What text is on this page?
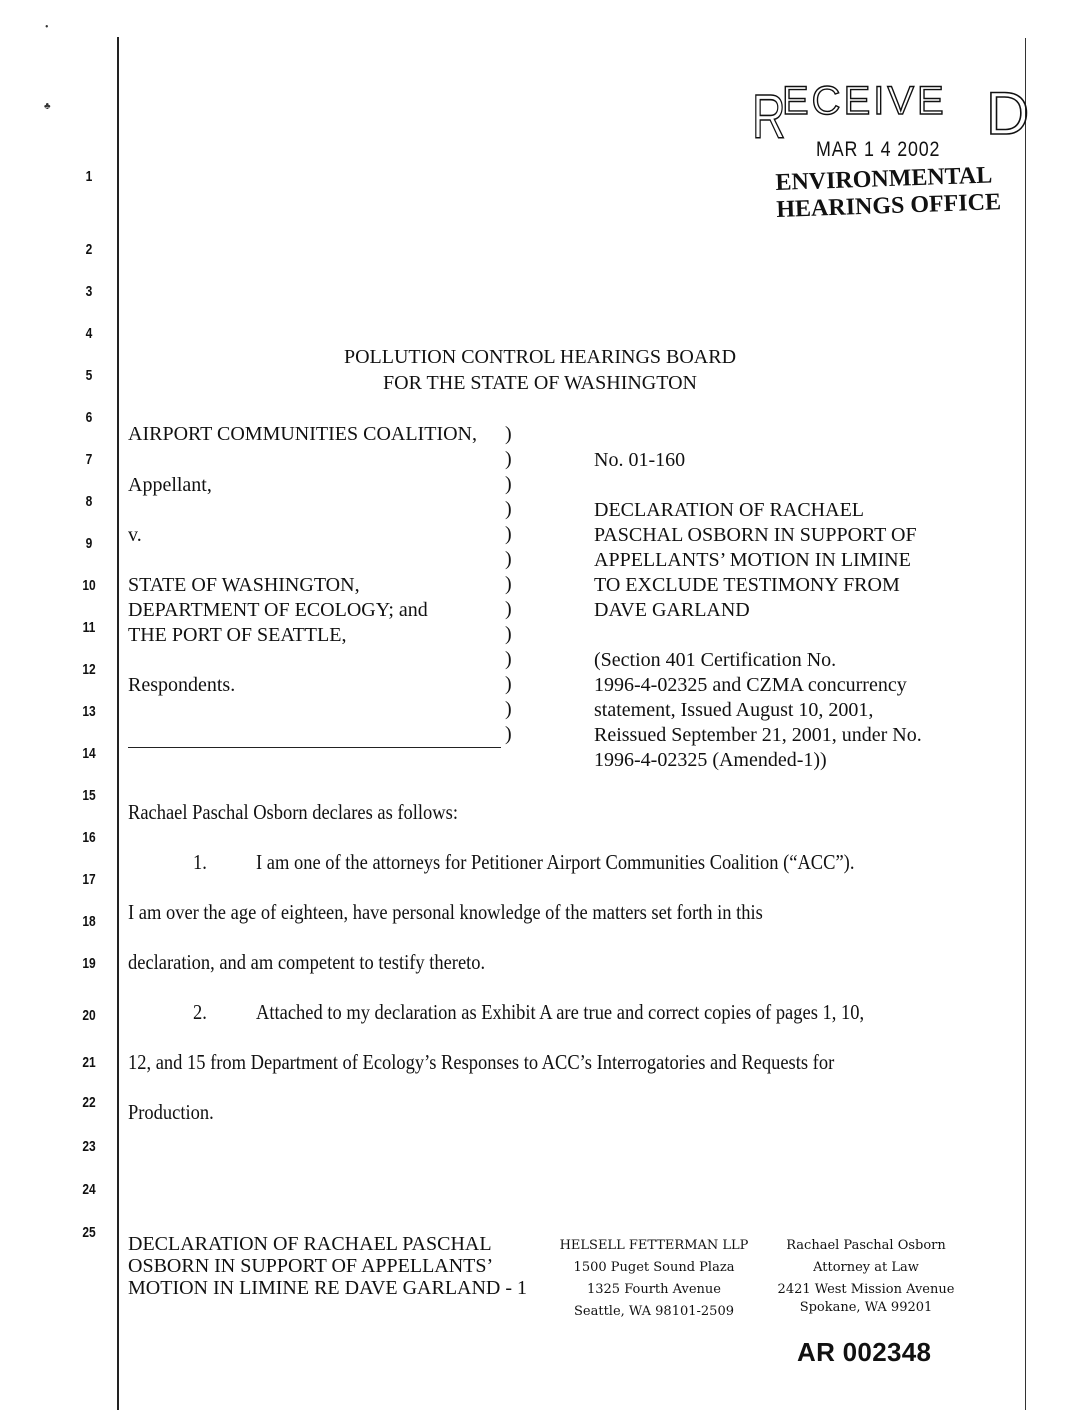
•
♣
1
2
3
4
5
6
7
8
9
10
11
12
13
14
15
16
17
18
19
20
21
22
23
24
25
R
ECEIVE D
MAR 1 4 2002
ENVIRONMENTAL
HEARINGS OFFICE
POLLUTION CONTROL HEARINGS BOARD
FOR THE STATE OF WASHINGTON
AIRPORT COMMUNITIES COALITION,
Appellant,
v.
STATE OF WASHINGTON,
DEPARTMENT OF ECOLOGY; and
THE PORT OF SEATTLE,
Respondents.
)
)
)
)
)
)
)
)
)
)
)
)
)
No. 01-160
DECLARATION OF RACHAEL
PASCHAL OSBORN IN SUPPORT OF
APPELLANTS’ MOTION IN LIMINE
TO EXCLUDE TESTIMONY FROM
DAVE GARLAND
(Section 401 Certification No.
1996-4-02325 and CZMA concurrency
statement, Issued August 10, 2001,
Reissued September 21, 2001, under No.
1996-4-02325 (Amended-1))
Rachael Paschal Osborn declares as follows:
1. I am one of the attorneys for Petitioner Airport Communities Coalition (“ACC”).
I am over the age of eighteen, have personal knowledge of the matters set forth in this
declaration, and am competent to testify thereto.
2. Attached to my declaration as Exhibit A are true and correct copies of pages 1, 10,
12, and 15 from Department of Ecology’s Responses to ACC’s Interrogatories and Requests for
Production.
DECLARATION OF RACHAEL PASCHAL
OSBORN IN SUPPORT OF APPELLANTS’
MOTION IN LIMINE RE DAVE GARLAND - 1
HELSELL FETTERMAN LLP
1500 Puget Sound Plaza
1325 Fourth Avenue
Seattle, WA 98101-2509
Rachael Paschal Osborn
Attorney at Law
2421 West Mission Avenue
Spokane, WA 99201
AR 002348
